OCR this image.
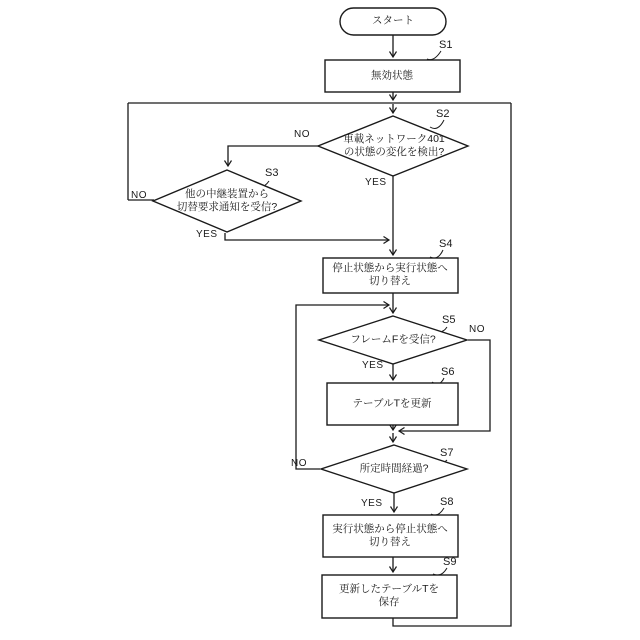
スタート
無効状態
車載ネットワーク401
の状態の変化を検出?
他の中継装置から
切替要求通知を受信?
停止状態から実行状態へ
切り替え
フレームFを受信?
テーブルTを更新
所定時間経過?
実行状態から停止状態へ
切り替え
更新したテーブルTを
保存
S1
S2
S3
S4
S5
S6
S7
S8
S9
NO
YES
NO
YES
NO
YES
NO
YES
